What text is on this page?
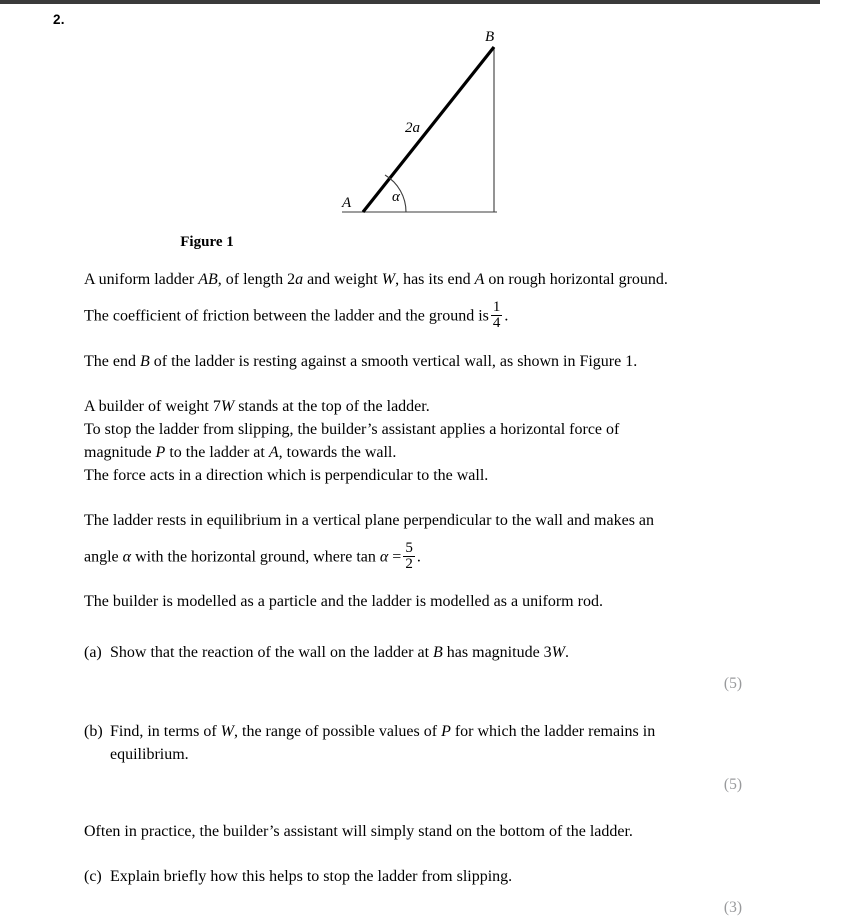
2.
B
A
2a
α
Figure 1
A uniform ladder AB, of length 2a and weight W, has its end A on rough horizontal ground.
The coefficient of friction between the ladder and the ground is $\frac{1}{4}$ .
The end B of the ladder is resting against a smooth vertical wall, as shown in Figure 1.
A builder of weight 7W stands at the top of the ladder.
To stop the ladder from slipping, the builder’s assistant applies a horizontal force of
magnitude P to the ladder at A, towards the wall.
The force acts in a direction which is perpendicular to the wall.
The ladder rests in equilibrium in a vertical plane perpendicular to the wall and makes an
angle α with the horizontal ground, where $\tan \alpha = \frac{5}{2}$ .
The builder is modelled as a particle and the ladder is modelled as a uniform rod.
(a) Show that the reaction of the wall on the ladder at B has magnitude 3W.
(5)
(b) Find, in terms of W, the range of possible values of P for which the ladder remains in
equilibrium.
(5)
Often in practice, the builder’s assistant will simply stand on the bottom of the ladder.
(c) Explain briefly how this helps to stop the ladder from slipping.
(3)
